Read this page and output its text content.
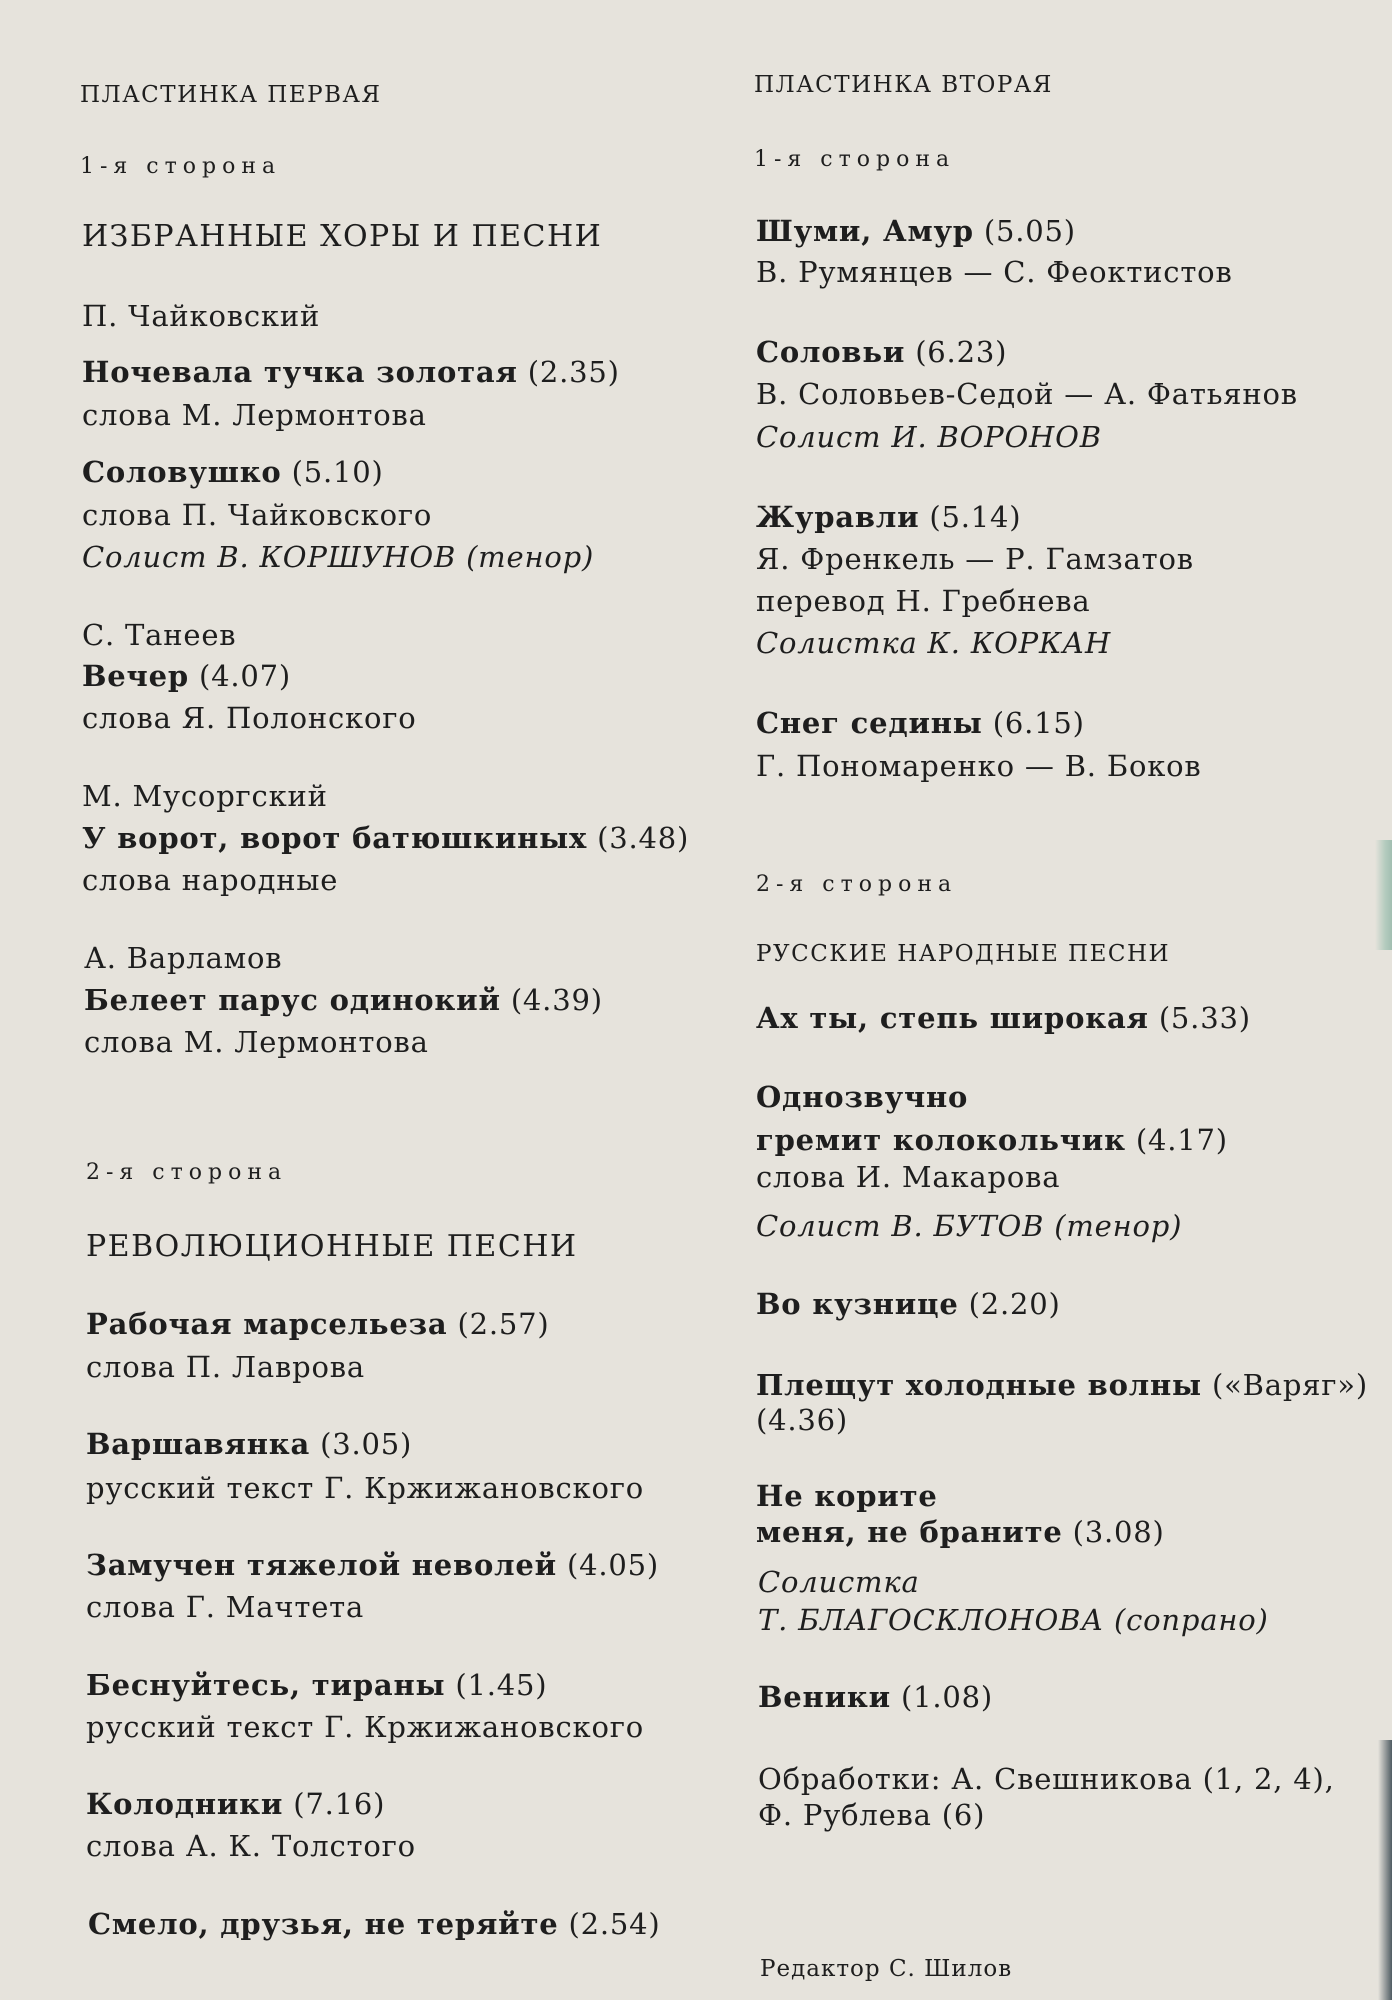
ПЛАСТИНКА ПЕРВАЯ
1-я сторона
ИЗБРАННЫЕ ХОРЫ И ПЕСНИ
П. Чайковский
Ночевала тучка золотая (2.35)
слова М. Лермонтова
Соловушко (5.10)
слова П. Чайковского
Солист В. КОРШУНОВ (тенор)
С. Танеев
Вечер (4.07)
слова Я. Полонского
М. Мусоргский
У ворот, ворот батюшкиных (3.48)
слова народные
А. Варламов
Белеет парус одинокий (4.39)
слова М. Лермонтова
2-я сторона
РЕВОЛЮЦИОННЫЕ ПЕСНИ
Рабочая марсельеза (2.57)
слова П. Лаврова
Варшавянка (3.05)
русский текст Г. Кржижановского
Замучен тяжелой неволей (4.05)
слова Г. Мачтета
Беснуйтесь, тираны (1.45)
русский текст Г. Кржижановского
Колодники (7.16)
слова А. К. Толстого
Смело, друзья, не теряйте (2.54)
ПЛАСТИНКА ВТОРАЯ
1-я сторона
Шуми, Амур (5.05)
В. Румянцев — С. Феоктистов
Соловьи (6.23)
В. Соловьев-Седой — А. Фатьянов
Солист И. ВОРОНОВ
Журавли (5.14)
Я. Френкель — Р. Гамзатов
перевод Н. Гребнева
Солистка К. КОРКАН
Снег седины (6.15)
Г. Пономаренко — В. Боков
2-я сторона
РУССКИЕ НАРОДНЫЕ ПЕСНИ
Ах ты, степь широкая (5.33)
Однозвучно
гремит колокольчик (4.17)
слова И. Макарова
Солист В. БУТОВ (тенор)
Во кузнице (2.20)
Плещут холодные волны («Варяг»)
(4.36)
Не корите
меня, не браните (3.08)
Солистка
Т. БЛАГОСКЛОНОВА (сопрано)
Веники (1.08)
Обработки: А. Свешникова (1, 2, 4),
Ф. Рублева (6)
Редактор С. Шилов
